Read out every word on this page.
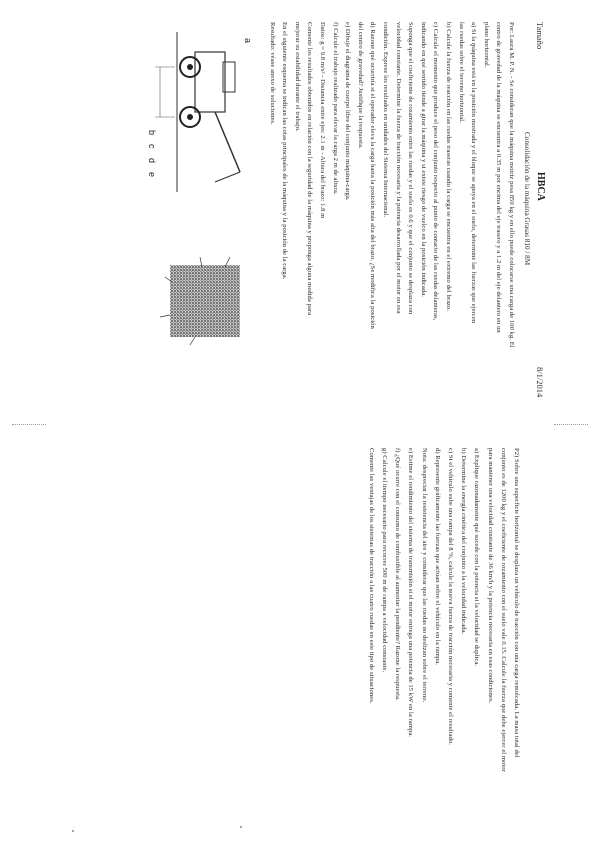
Tamaño
HBCA
8/1/2014
Consolidación de la máquina Grasas 810 / 8M
Por: Laura M. P. N. - Se consideran que la máquina motriz pesa 850 kg y en ello puede colocarse una carga de 100 kg. El
centro de gravedad de la máquina se encuentra a 0.35 m por encima del eje trasero y a 1.2 m del eje delantero en un
plano horizontal.
a) Si la máquina está en la posición mostrada y el bloque se apoya en el suelo, determine las fuerzas que ejercen
las ruedas sobre el terreno horizontal.
b) Calcule la fuerza de reacción en las ruedas traseras cuando la carga se encuentra en el extremo del brazo.
c) Calcule el momento que produce el peso del conjunto respecto al punto de contacto de las ruedas delanteras,
indicando en qué sentido tiende a girar la máquina y si existe riesgo de vuelco en la posición indicada.
Suponga que el coeficiente de rozamiento entre las ruedas y el suelo es 0.6 y que el conjunto se desplaza con
velocidad constante. Determine la fuerza de tracción necesaria y la potencia desarrollada por el motor en esa
condición. Exprese los resultados en unidades del Sistema Internacional.
d) Razone qué ocurriría si el operador eleva la carga hasta la posición más alta del brazo. ¿Se modifica la posición
del centro de gravedad? Justifique la respuesta.
e) Dibuje el diagrama de cuerpo libre del conjunto máquina-carga.
f) Calcule el trabajo realizado para elevar la carga 2 m de altura.
Datos: g = 9.8 m/s² - Distancia entre ejes: 2.1 m - Altura del brazo: 1.8 m
Comente los resultados obtenidos en relación con la seguridad de la máquina y proponga alguna medida para
mejorar su estabilidad durante el trabajo.
En el siguiente esquema se indican las cotas principales de la máquina y la posición de la carga.
Resultado: véase anexo de soluciones.
a
b
c
d
e
P2) Sobre una superficie horizontal se desplaza un vehículo de tracción con una carga remolcada. La masa total del
conjunto es de 1200 kg y el coeficiente de rozamiento con el suelo vale 0.15. Calcule la fuerza que debe ejercer el motor
para mantener una velocidad constante de 36 km/h y la potencia necesaria en esas condiciones.
a) Explique razonadamente qué sucede con la potencia si la velocidad se duplica.
b) Determine la energía cinética del conjunto a la velocidad indicada.
c) Si el vehículo sube una rampa del 8 %, calcule la nueva fuerza de tracción necesaria y comente el resultado.
d) Represente gráficamente las fuerzas que actúan sobre el vehículo en la rampa.
Nota: despreciar la resistencia del aire y considerar que las ruedas no deslizan sobre el terreno.
e) Estime el rendimiento del sistema de transmisión si el motor entrega una potencia de 15 kW en la rampa.
f) ¿Qué ocurre con el consumo de combustible al aumentar la pendiente? Razone la respuesta.
g) Calcule el tiempo necesario para recorrer 500 m de rampa a velocidad constante.
Comente las ventajas de los sistemas de tracción a las cuatro ruedas en este tipo de situaciones.
